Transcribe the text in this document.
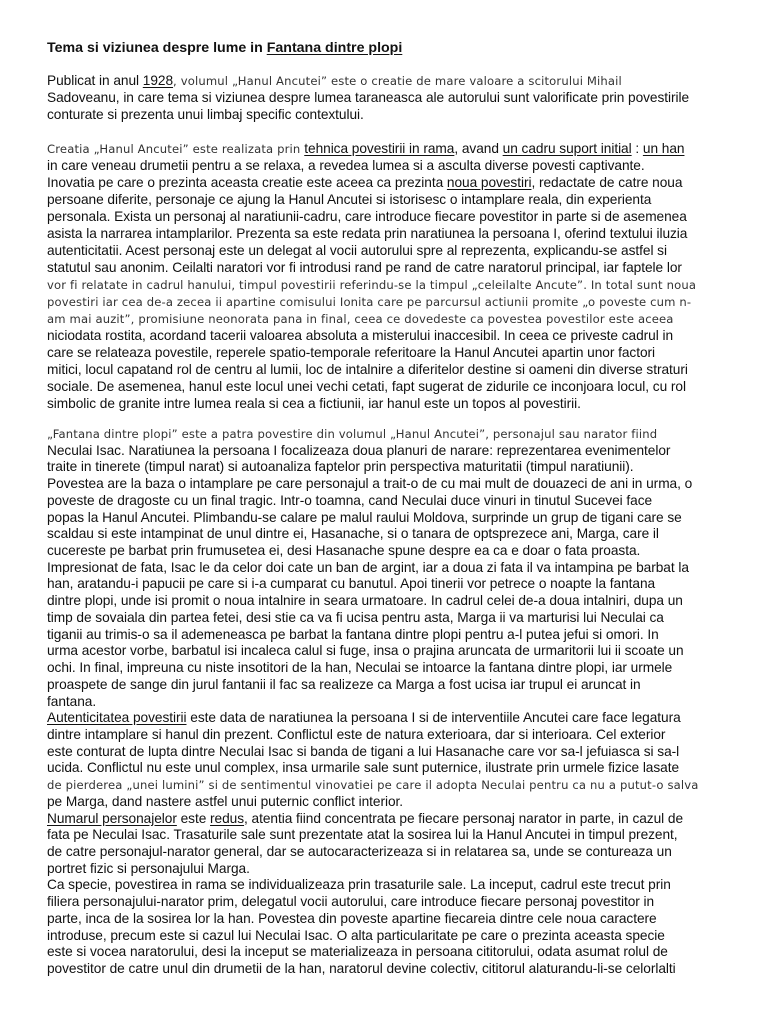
Tema si viziunea despre lume in Fantana dintre plopi
Publicat in anul 1928, volumul „Hanul Ancutei” este o creatie de mare valoare a scitorului Mihail
Sadoveanu, in care tema si viziunea despre lumea taraneasca ale autorului sunt valorificate prin povestirile
conturate si prezenta unui limbaj specific contextului.
Creatia „Hanul Ancutei” este realizata prin tehnica povestirii in rama, avand un cadru suport initial : un han
in care veneau drumetii pentru a se relaxa, a revedea lumea si a asculta diverse povesti captivante.
Inovatia pe care o prezinta aceasta creatie este aceea ca prezinta noua povestiri, redactate de catre noua
persoane diferite, personaje ce ajung la Hanul Ancutei si istorisesc o intamplare reala, din experienta
personala. Exista un personaj al naratiunii-cadru, care introduce fiecare povestitor in parte si de asemenea
asista la narrarea intamplarilor. Prezenta sa este redata prin naratiunea la persoana I, oferind textului iluzia
autenticitatii. Acest personaj este un delegat al vocii autorului spre al reprezenta, explicandu-se astfel si
statutul sau anonim. Ceilalti naratori vor fi introdusi rand pe rand de catre naratorul principal, iar faptele lor
vor fi relatate in cadrul hanului, timpul povestirii referindu-se la timpul „celeilalte Ancute”. In total sunt noua
povestiri iar cea de-a zecea ii apartine comisului Ionita care pe parcursul actiunii promite „o poveste cum n-
am mai auzit”, promisiune neonorata pana in final, ceea ce dovedeste ca povestea povestilor este aceea
niciodata rostita, acordand tacerii valoarea absoluta a misterului inaccesibil. In ceea ce priveste cadrul in
care se relateaza povestile, reperele spatio-temporale referitoare la Hanul Ancutei apartin unor factori
mitici, locul capatand rol de centru al lumii, loc de intalnire a diferitelor destine si oameni din diverse straturi
sociale. De asemenea, hanul este locul unei vechi cetati, fapt sugerat de zidurile ce inconjoara locul, cu rol
simbolic de granite intre lumea reala si cea a fictiunii, iar hanul este un topos al povestirii.
„Fantana dintre plopi” este a patra povestire din volumul „Hanul Ancutei”, personajul sau narator fiind
Neculai Isac. Naratiunea la persoana I focalizeaza doua planuri de narare: reprezentarea evenimentelor
traite in tinerete (timpul narat) si autoanaliza faptelor prin perspectiva maturitatii (timpul naratiunii).
Povestea are la baza o intamplare pe care personajul a trait-o de cu mai mult de douazeci de ani in urma, o
poveste de dragoste cu un final tragic. Intr-o toamna, cand Neculai duce vinuri in tinutul Sucevei face
popas la Hanul Ancutei. Plimbandu-se calare pe malul raului Moldova, surprinde un grup de tigani care se
scaldau si este intampinat de unul dintre ei, Hasanache, si o tanara de optsprezece ani, Marga, care il
cucereste pe barbat prin frumusetea ei, desi Hasanache spune despre ea ca e doar o fata proasta.
Impresionat de fata, Isac le da celor doi cate un ban de argint, iar a doua zi fata il va intampina pe barbat la
han, aratandu-i papucii pe care si i-a cumparat cu banutul. Apoi tinerii vor petrece o noapte la fantana
dintre plopi, unde isi promit o noua intalnire in seara urmatoare. In cadrul celei de-a doua intalniri, dupa un
timp de sovaiala din partea fetei, desi stie ca va fi ucisa pentru asta, Marga ii va marturisi lui Neculai ca
tiganii au trimis-o sa il ademeneasca pe barbat la fantana dintre plopi pentru a-l putea jefui si omori. In
urma acestor vorbe, barbatul isi incaleca calul si fuge, insa o prajina aruncata de urmaritorii lui ii scoate un
ochi. In final, impreuna cu niste insotitori de la han, Neculai se intoarce la fantana dintre plopi, iar urmele
proaspete de sange din jurul fantanii il fac sa realizeze ca Marga a fost ucisa iar trupul ei aruncat in
fantana.
Autenticitatea povestirii este data de naratiunea la persoana I si de interventiile Ancutei care face legatura
dintre intamplare si hanul din prezent. Conflictul este de natura exterioara, dar si interioara. Cel exterior
este conturat de lupta dintre Neculai Isac si banda de tigani a lui Hasanache care vor sa-l jefuiasca si sa-l
ucida. Conflictul nu este unul complex, insa urmarile sale sunt puternice, ilustrate prin urmele fizice lasate
de pierderea „unei lumini” si de sentimentul vinovatiei pe care il adopta Neculai pentru ca nu a putut-o salva
pe Marga, dand nastere astfel unui puternic conflict interior.
Numarul personajelor este redus, atentia fiind concentrata pe fiecare personaj narator in parte, in cazul de
fata pe Neculai Isac. Trasaturile sale sunt prezentate atat la sosirea lui la Hanul Ancutei in timpul prezent,
de catre personajul-narator general, dar se autocaracterizeaza si in relatarea sa, unde se contureaza un
portret fizic si personajului Marga.
Ca specie, povestirea in rama se individualizeaza prin trasaturile sale. La inceput, cadrul este trecut prin
filiera personajului-narator prim, delegatul vocii autorului, care introduce fiecare personaj povestitor in
parte, inca de la sosirea lor la han. Povestea din poveste apartine fiecareia dintre cele noua caractere
introduse, precum este si cazul lui Neculai Isac. O alta particularitate pe care o prezinta aceasta specie
este si vocea naratorului, desi la inceput se materializeaza in persoana cititorului, odata asumat rolul de
povestitor de catre unul din drumetii de la han, naratorul devine colectiv, cititorul alaturandu-li-se celorlalti
